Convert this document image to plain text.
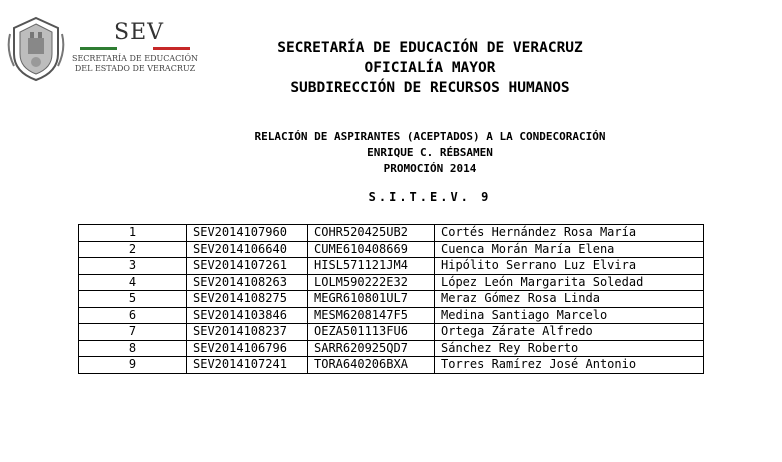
SEV
SECRETARÍA DE EDUCACIÓN
DEL ESTADO DE VERACRUZ
SECRETARÍA DE EDUCACIÓN DE VERACRUZ
OFICIALÍA MAYOR
SUBDIRECCIÓN DE RECURSOS HUMANOS
RELACIÓN DE ASPIRANTES (ACEPTADOS) A LA CONDECORACIÓN
ENRIQUE C. RÉBSAMEN
PROMOCIÓN 2014
S.I.T.E.V. 9
1	SEV2014107960	COHR520425UB2	Cortés Hernández Rosa María
2	SEV2014106640	CUME610408669	Cuenca Morán María Elena
3	SEV2014107261	HISL571121JM4	Hipólito Serrano Luz Elvira
4	SEV2014108263	LOLM590222E32	López León Margarita Soledad
5	SEV2014108275	MEGR610801UL7	Meraz Gómez Rosa Linda
6	SEV2014103846	MESM6208147F5	Medina Santiago Marcelo
7	SEV2014108237	OEZA501113FU6	Ortega Zárate Alfredo
8	SEV2014106796	SARR620925QD7	Sánchez Rey Roberto
9	SEV2014107241	TORA640206BXA	Torres Ramírez José Antonio
